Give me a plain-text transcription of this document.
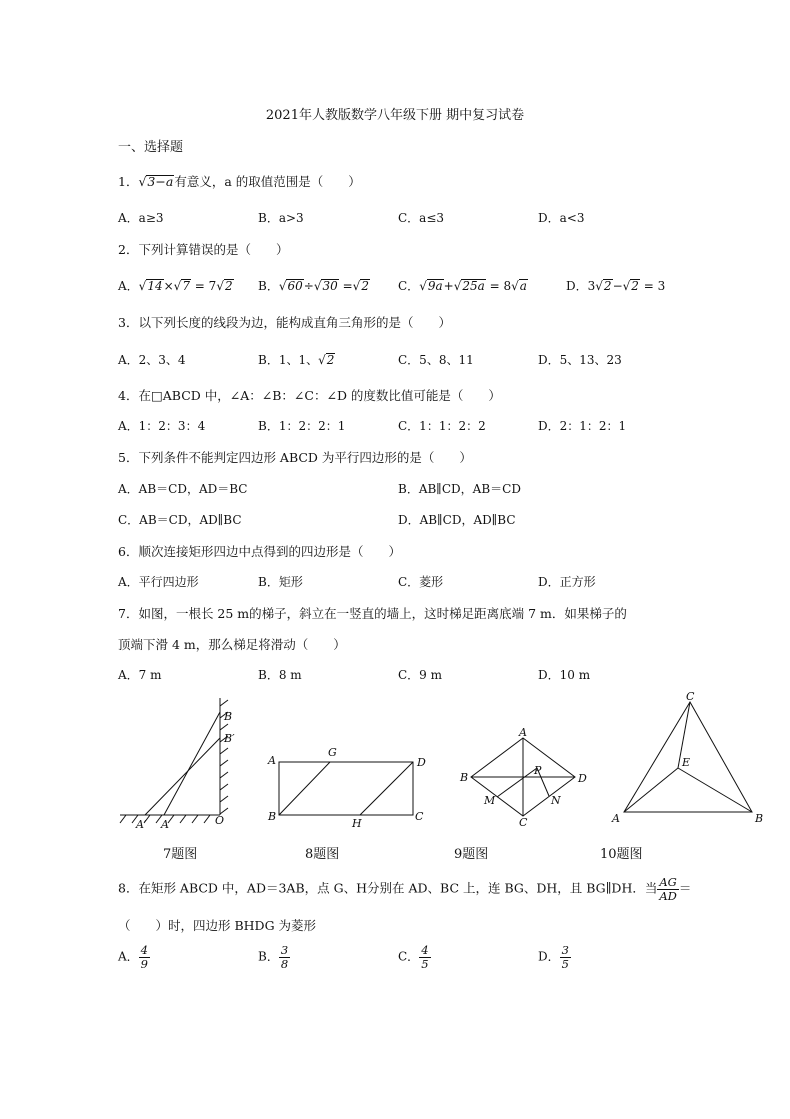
2021年人教版数学八年级下册 期中复习试卷
一、选择题
1．√3−a有意义，a 的取值范围是（　　）
A．a≥3	B．a>3	C．a≤3	D．a<3
2．下列计算错误的是（　　）
A．√14×√7 = 7√2 B．√60÷√30 =√2 C．√9a+√25a = 8√a	D．3√2−√2 = 3
3．以下列长度的线段为边，能构成直角三角形的是（　　）
A．2、3、4	B．1、1、√2	C．5、8、11	D．5、13、23
4．在□ABCD 中，∠A：∠B：∠C：∠D 的度数比值可能是（　　）
A．1：2：3：4	B．1：2：2：1	C．1：1：2：2	D．2：1：2：1
5．下列条件不能判定四边形 ABCD 为平行四边形的是（　　）
A．AB＝CD，AD＝BC	B．AB∥CD，AB＝CD
C．AB＝CD，AD∥BC	D．AB∥CD，AD∥BC
6．顺次连接矩形四边中点得到的四边形是（　　）
A．平行四边形	B．矩形	C．菱形	D．正方形
7．如图，一根长 25 m的梯子，斜立在一竖直的墙上，这时梯足距离底端 7 m．如果梯子的
顶端下滑 4 m，那么梯足将滑动（　　）
A．7 m	B．8 m	C．9 m	D．10 m
B
B′
A′ A	O
A
G
D
B
H
C
A
B
P
D
M	N
C
C
E
A	B
7题图	8题图	9题图	10题图
8．在矩形 ABCD 中，AD＝3AB，点 G、H分别在 AD、BC 上，连 BG、DH，且 BG∥DH．当 $\frac{AG}{AD}$ ＝
（　　）时，四边形 BHDG 为菱形
A． $\frac{4}{9}$	B． $\frac{3}{8}$	C． $\frac{4}{5}$	D． $\frac{3}{5}$
